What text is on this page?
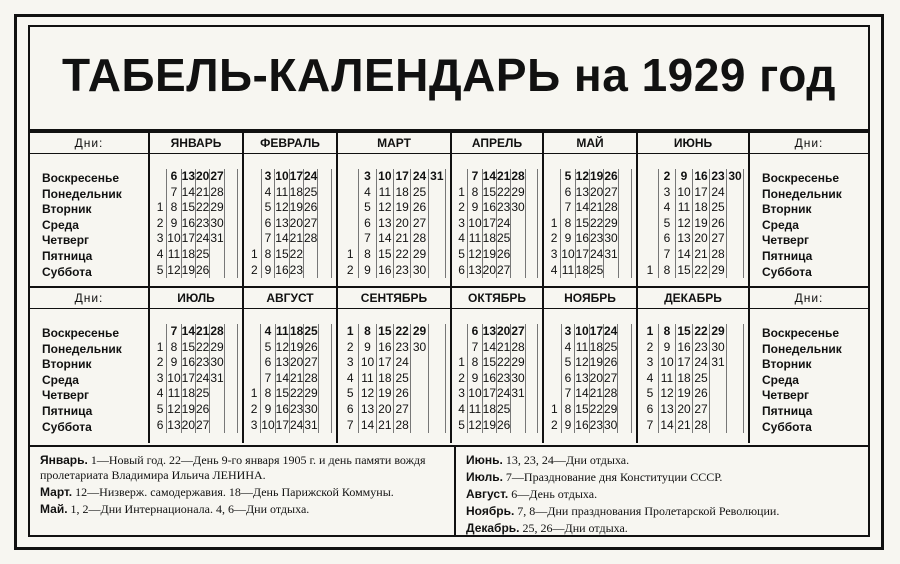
ТАБЕЛЬ-КАЛЕНДАРЬ на 1929 год
Дни:
Воскресенье
Понедельник
Вторник
Среда
Четверг
Пятница
Суббота
ЯНВАРЬ
6 13 20 27
7 14 21 28
1 8 15 22 29
2 9 16 23 30
3 10 17 24 31
4 11 18 25
5 12 19 26
ФЕВРАЛЬ
3 10 17 24
4 11 18 25
5 12 19 26
6 13 20 27
7 14 21 28
1 8 15 22
2 9 16 23
МАРТ
3 10 17 24 31
4 11 18 25
5 12 19 26
6 13 20 27
7 14 21 28
1 8 15 22 29
2 9 16 23 30
АПРЕЛЬ
7 14 21 28
1 8 15 22 29
2 9 16 23 30
3 10 17 24
4 11 18 25
5 12 19 26
6 13 20 27
МАЙ
5 12 19 26
6 13 20 27
7 14 21 28
1 8 15 22 29
2 9 16 23 30
3 10 17 24 31
4 11 18 25
ИЮНЬ
2 9 16 23 30
3 10 17 24
4 11 18 25
5 12 19 26
6 13 20 27
7 14 21 28
1 8 15 22 29
Дни:
Воскресенье
Понедельник
Вторник
Среда
Четверг
Пятница
Суббота
Дни:
Воскресенье
Понедельник
Вторник
Среда
Четверг
Пятница
Суббота
ИЮЛЬ
7 14 21 28
1 8 15 22 29
2 9 16 23 30
3 10 17 24 31
4 11 18 25
5 12 19 26
6 13 20 27
АВГУСТ
4 11 18 25
5 12 19 26
6 13 20 27
7 14 21 28
1 8 15 22 29
2 9 16 23 30
3 10 17 24 31
СЕНТЯБРЬ
1 8 15 22 29
2 9 16 23 30
3 10 17 24
4 11 18 25
5 12 19 26
6 13 20 27
7 14 21 28
ОКТЯБРЬ
6 13 20 27
7 14 21 28
1 8 15 22 29
2 9 16 23 30
3 10 17 24 31
4 11 18 25
5 12 19 26
НОЯБРЬ
3 10 17 24
4 11 18 25
5 12 19 26
6 13 20 27
7 14 21 28
1 8 15 22 29
2 9 16 23 30
ДЕКАБРЬ
1 8 15 22 29
2 9 16 23 30
3 10 17 24 31
4 11 18 25
5 12 19 26
6 13 20 27
7 14 21 28
Дни:
Воскресенье
Понедельник
Вторник
Среда
Четверг
Пятница
Суббота

Январь. 1—Новый год. 22—День 9-го января 1905 г. и день памяти вождя пролетариата Владимира Ильича ЛЕНИНА.

Март. 12—Низверж. самодержавия. 18—День Парижской Коммуны.

Май. 1, 2—Дни Интернационала. 4, 6—Дни отдыха.

Июнь. 13, 23, 24—Дни отдыха.

Июль. 7—Празднование дня Конституции СССР.

Август. 6—День отдыха.

Ноябрь. 7, 8—Дни празднования Пролетарской Революции.

Декабрь. 25, 26—Дни отдыха.
